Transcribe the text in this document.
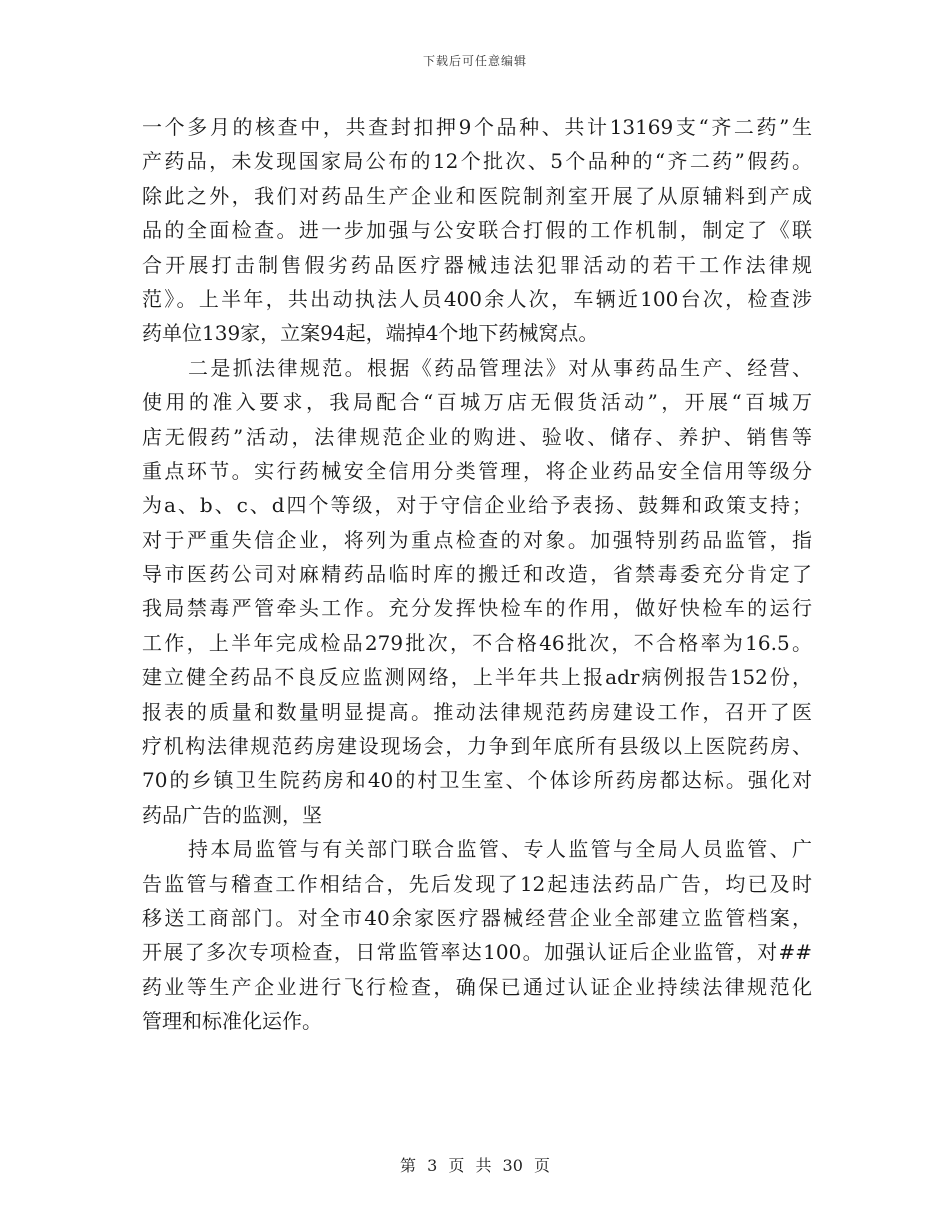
下载后可任意编辑
一个多月的核查中，共查封扣押9个品种、共计13169支“齐二药”生
产药品，未发现国家局公布的12个批次、5个品种的“齐二药”假药。
除此之外，我们对药品生产企业和医院制剂室开展了从原辅料到产成
品的全面检查。进一步加强与公安联合打假的工作机制，制定了《联
合开展打击制售假劣药品医疗器械违法犯罪活动的若干工作法律规
范》。上半年，共出动执法人员400余人次，车辆近100台次，检查涉
药单位139家，立案94起，端掉4个地下药械窝点。
二是抓法律规范。根据《药品管理法》对从事药品生产、经营、
使用的准入要求，我局配合“百城万店无假货活动”，开展“百城万
店无假药”活动，法律规范企业的购进、验收、储存、养护、销售等
重点环节。实行药械安全信用分类管理，将企业药品安全信用等级分
为a、b、c、d四个等级，对于守信企业给予表扬、鼓舞和政策支持；
对于严重失信企业，将列为重点检查的对象。加强特别药品监管，指
导市医药公司对麻精药品临时库的搬迁和改造，省禁毒委充分肯定了
我局禁毒严管牵头工作。充分发挥快检车的作用，做好快检车的运行
工作，上半年完成检品279批次，不合格46批次，不合格率为16.5。
建立健全药品不良反应监测网络，上半年共上报adr病例报告152份，
报表的质量和数量明显提高。推动法律规范药房建设工作，召开了医
疗机构法律规范药房建设现场会，力争到年底所有县级以上医院药房、
70的乡镇卫生院药房和40的村卫生室、个体诊所药房都达标。强化对
药品广告的监测，坚
持本局监管与有关部门联合监管、专人监管与全局人员监管、广
告监管与稽查工作相结合，先后发现了12起违法药品广告，均已及时
移送工商部门。对全市40余家医疗器械经营企业全部建立监管档案，
开展了多次专项检查，日常监管率达100。加强认证后企业监管，对##
药业等生产企业进行飞行检查，确保已通过认证企业持续法律规范化
管理和标准化运作。
第 3 页 共 30 页
